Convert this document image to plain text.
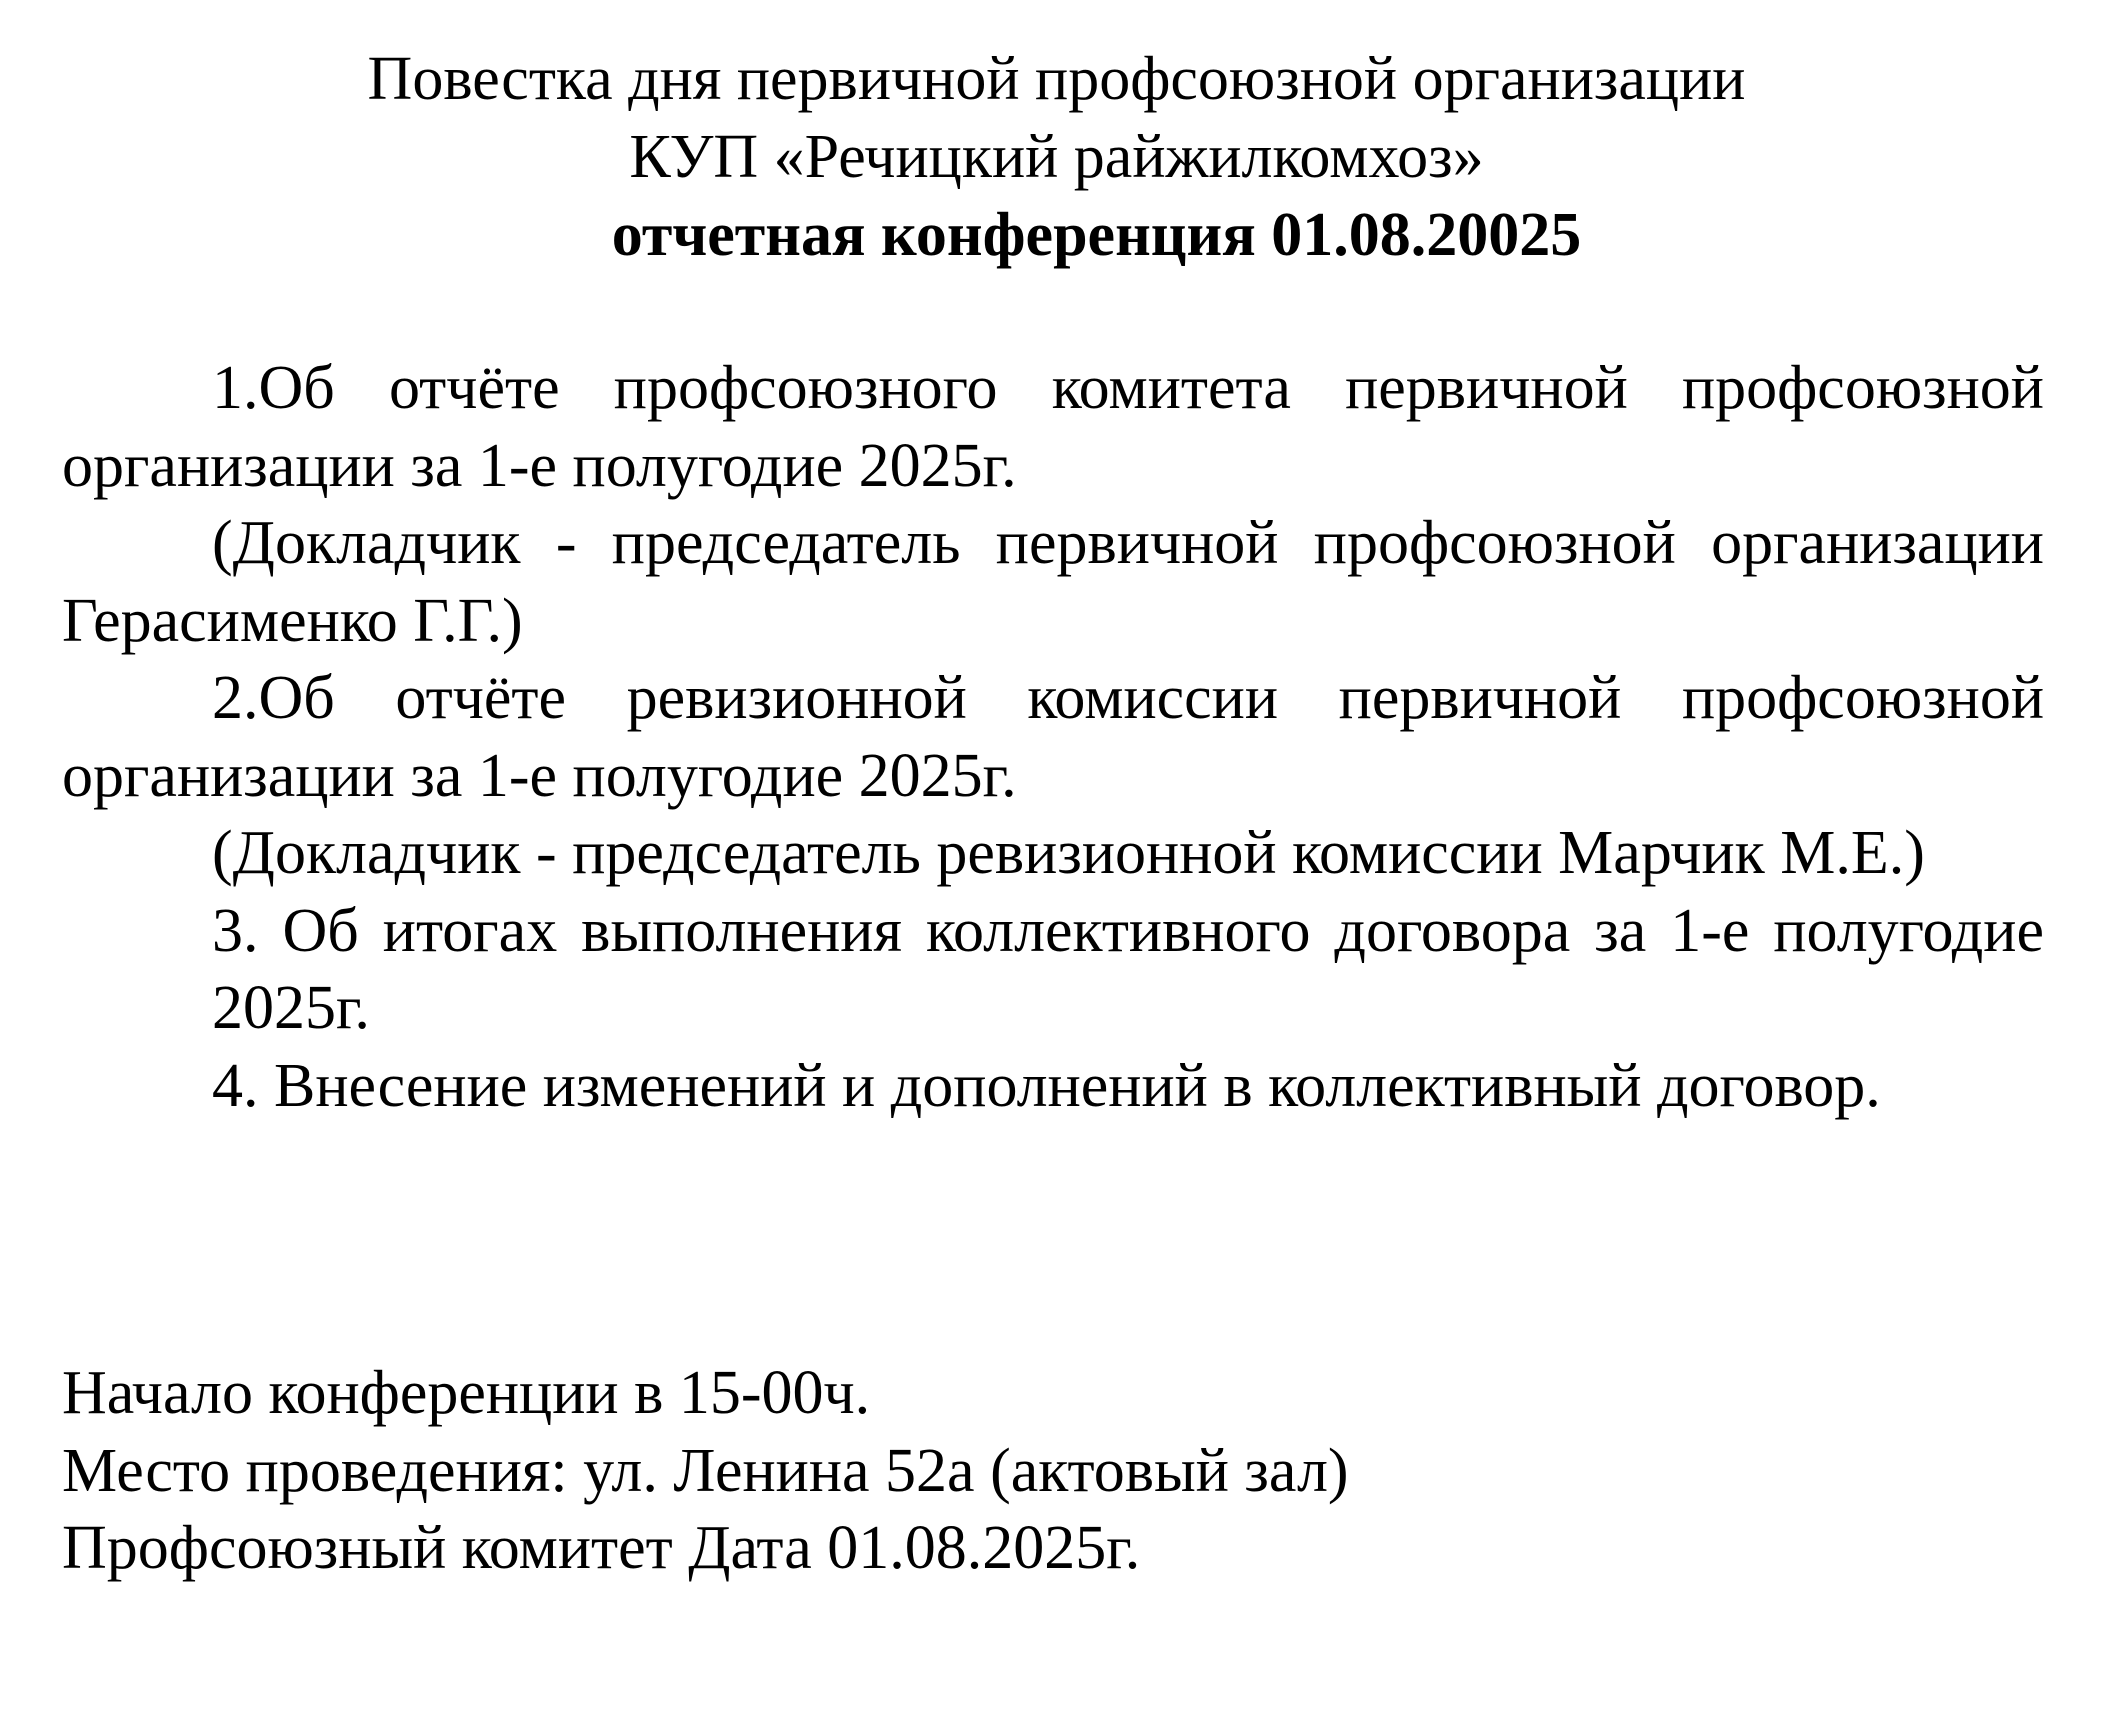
Повестка дня первичной профсоюзной организации
КУП «Речицкий райжилкомхоз»
отчетная конференция 01.08.20025

1.Об отчёте профсоюзного комитета первичной профсоюзной организации за 1-е полугодие 2025г.

(Докладчик - председатель первичной профсоюзной организации Герасименко Г.Г.)

2.Об отчёте ревизионной комиссии первичной профсоюзной организации за 1-е полугодие 2025г.

(Докладчик - председатель ревизионной комиссии Марчик М.Е.)

3. Об итогах выполнения коллективного договора за 1-е полугодие 2025г.

4. Внесение изменений и дополнений в коллективный договор.

Начало конференции в 15-00ч.

Место проведения: ул. Ленина 52а (актовый зал)

Профсоюзный комитет Дата 01.08.2025г.
